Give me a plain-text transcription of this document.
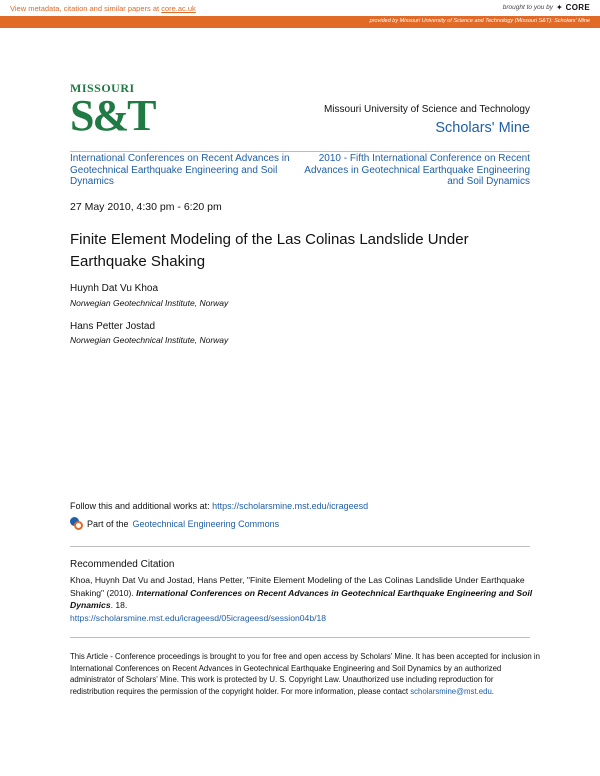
View metadata, citation and similar papers at core.ac.uk	brought to you by ✦ CORE
provided by Missouri University of Science and Technology (Missouri S&T): Scholars' Mine
MISSOURI
S&T	Missouri University of Science and Technology
Scholars' Mine
International Conferences on Recent Advances in Geotechnical Earthquake Engineering and Soil Dynamics
2010 - Fifth International Conference on Recent Advances in Geotechnical Earthquake Engineering and Soil Dynamics
27 May 2010, 4:30 pm - 6:20 pm
Finite Element Modeling of the Las Colinas Landslide Under Earthquake Shaking
Huynh Dat Vu Khoa
Norwegian Geotechnical Institute, Norway
Hans Petter Jostad
Norwegian Geotechnical Institute, Norway
Follow this and additional works at: https://scholarsmine.mst.edu/icrageesd
Part of the Geotechnical Engineering Commons
Recommended Citation
Khoa, Huynh Dat Vu and Jostad, Hans Petter, "Finite Element Modeling of the Las Colinas Landslide Under Earthquake Shaking" (2010). International Conferences on Recent Advances in Geotechnical Earthquake Engineering and Soil Dynamics. 18.
https://scholarsmine.mst.edu/icrageesd/05icrageesd/session04b/18
This Article - Conference proceedings is brought to you for free and open access by Scholars' Mine. It has been accepted for inclusion in International Conferences on Recent Advances in Geotechnical Earthquake Engineering and Soil Dynamics by an authorized administrator of Scholars' Mine. This work is protected by U. S. Copyright Law. Unauthorized use including reproduction for redistribution requires the permission of the copyright holder. For more information, please contact scholarsmine@mst.edu.
